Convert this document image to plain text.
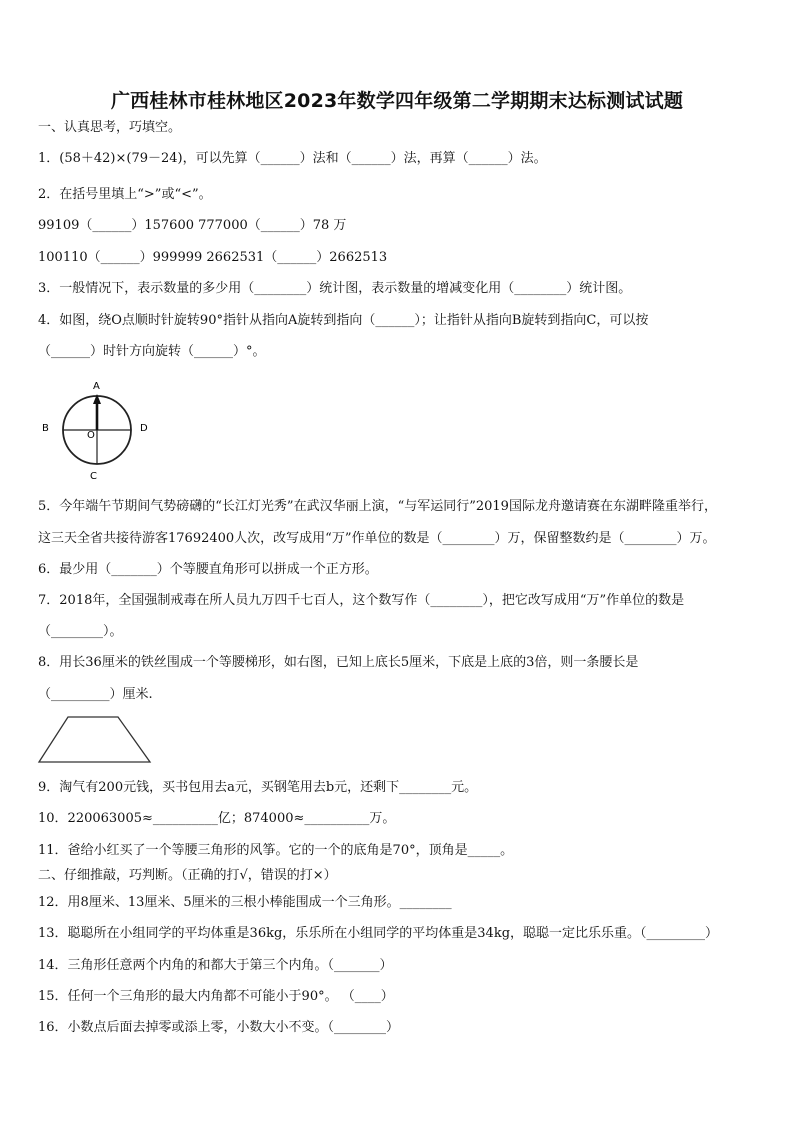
广西桂林市桂林地区2023年数学四年级第二学期期末达标测试试题
一、认真思考，巧填空。
1．(58＋42)×(79－24)，可以先算（______）法和（______）法，再算（______）法。
2．在括号里填上“>”或“<”。
99109（______）157600 777000（______）78 万
100110（______）999999 2662531（______）2662513
3．一般情况下，表示数量的多少用（________）统计图，表示数量的增减变化用（________）统计图。
4．如图，绕O点顺时针旋转90°指针从指向A旋转到指向（______）；让指针从指向B旋转到指向C，可以按
（______）时针方向旋转（______）°。
A
B
C
D
O
5．今年端午节期间气势磅礴的“长江灯光秀”在武汉华丽上演，“与军运同行”2019国际龙舟邀请赛在东湖畔隆重举行，
这三天全省共接待游客17692400人次，改写成用“万”作单位的数是（________）万，保留整数约是（________）万。
6．最少用（_______）个等腰直角形可以拼成一个正方形。
7．2018年，全国强制戒毒在所人员九万四千七百人，这个数写作（________），把它改写成用“万”作单位的数是
（________）。
8．用长36厘米的铁丝围成一个等腰梯形，如右图，已知上底长5厘米，下底是上底的3倍，则一条腰长是
（_________）厘米.
9．淘气有200元钱，买书包用去a元，买钢笔用去b元，还剩下________元。
10．220063005≈__________亿；874000≈__________万。
11．爸给小红买了一个等腰三角形的风筝。它的一个的底角是70°，顶角是_____。
二、仔细推敲，巧判断。（正确的打√，错误的打×）
12．用8厘米、13厘米、5厘米的三根小棒能围成一个三角形。________
13．聪聪所在小组同学的平均体重是36kg，乐乐所在小组同学的平均体重是34kg，聪聪一定比乐乐重。（_________）
14．三角形任意两个内角的和都大于第三个内角。（_______）
15．任何一个三角形的最大内角都不可能小于90°。 （____）
16．小数点后面去掉零或添上零，小数大小不变。（________）
